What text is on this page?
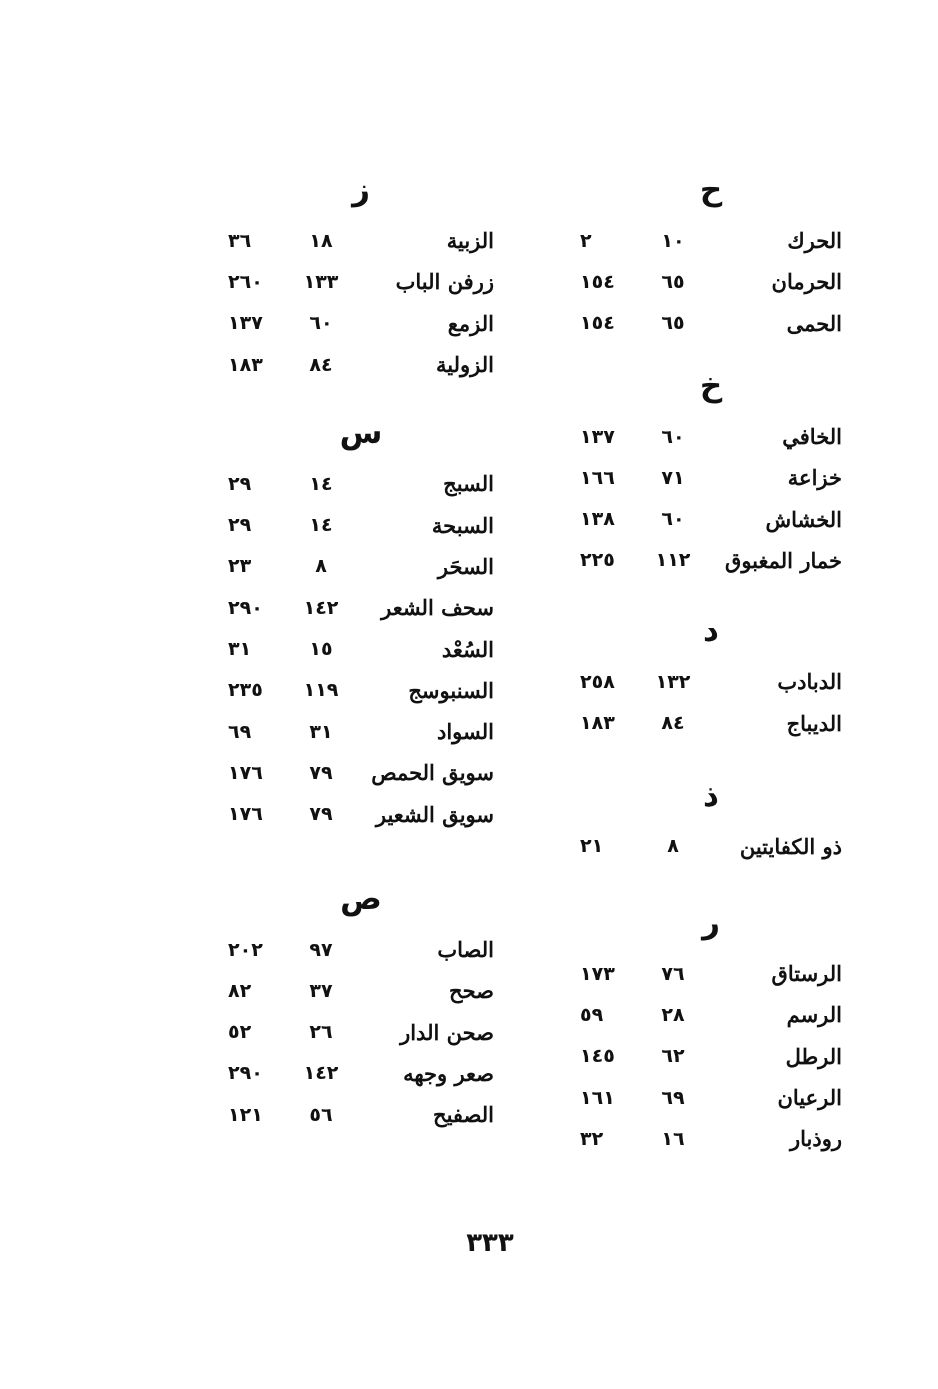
ح
الحرك
١٠
٢
الحرمان
٦٥
١٥٤
الحمى
٦٥
١٥٤
خ
الخافي
٦٠
١٣٧
خزاعة
٧١
١٦٦
الخشاش
٦٠
١٣٨
خمار المغبوق
١١٢
٢٢٥
د
الدبادب
١٣٢
٢٥٨
الديباج
٨٤
١٨٣
ذ
ذو الكفايتين
٨
٢١
ر
الرستاق
٧٦
١٧٣
الرسم
٢٨
٥٩
الرطل
٦٢
١٤٥
الرعيان
٦٩
١٦١
روذبار
١٦
٣٢
ز
الزبية
١٨
٣٦
زرفن الباب
١٣٣
٢٦٠
الزمع
٦٠
١٣٧
الزولية
٨٤
١٨٣
س
السبج
١٤
٢٩
السبحة
١٤
٢٩
السحَر
٨
٢٣
سحف الشعر
١٤٢
٢٩٠
السُعْد
١٥
٣١
السنبوسج
١١٩
٢٣٥
السواد
٣١
٦٩
سويق الحمص
٧٩
١٧٦
سويق الشعير
٧٩
١٧٦
ص
الصاب
٩٧
٢٠٢
صحح
٣٧
٨٢
صحن الدار
٢٦
٥٢
صعر وجهه
١٤٢
٢٩٠
الصفيح
٥٦
١٢١
٣٣٣
